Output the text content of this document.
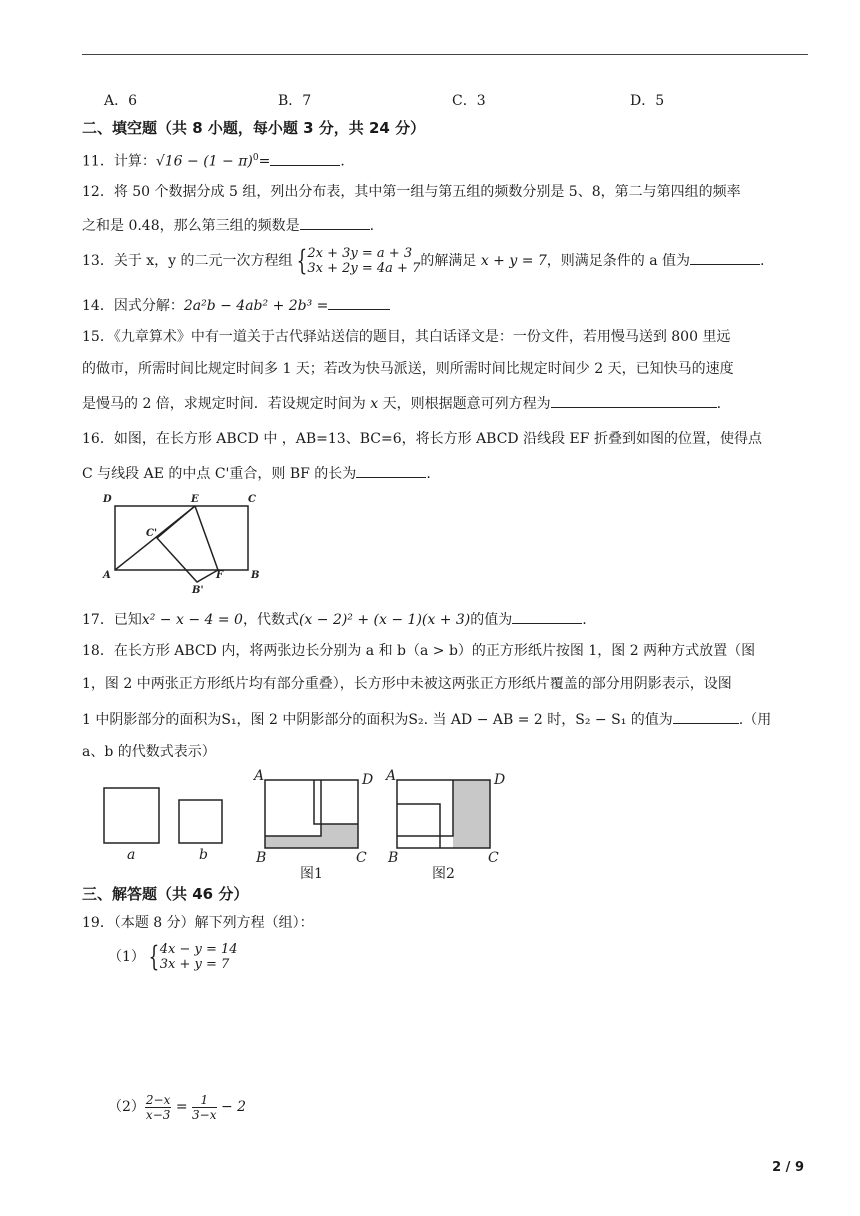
A．6	B．7	C．3	D．5
二、填空题（共 8 小题，每小题 3 分，共 24 分）
11．计算：$√16 - (1 - \pi)^0=$	.
12．将 50 个数据分成 5 组，列出分布表，其中第一组与第五组的频数分别是 5、8，第二与第四组的频率
之和是 0.48，那么第三组的频数是	.
13．关于 x，y 的二元一次方程组 { 2x + 3y = a + 3
3x + 2y = 4a + 7 的解满足 x + y = 7，则满足条件的 a 值为	.
14．因式分解：2a²b − 4ab² + 2b³ =
15．《九章算术》中有一道关于古代驿站送信的题目，其白话译文是：一份文件，若用慢马送到 800 里远
的做市，所需时间比规定时间多 1 天；若改为快马派送，则所需时间比规定时间少 2 天，已知快马的速度
是慢马的 2 倍，求规定时间．若设规定时间为 x 天，则根据题意可列方程为	.
16．如图，在长方形 ABCD 中 ，AB=13、BC=6，将长方形 ABCD 沿线段 EF 折叠到如图的位置，使得点
C 与线段 AE 的中点 C'重合，则 BF 的长为	.
D	E	C
C'
A	F	B
B'
17．已知x² − x − 4 = 0，代数式(x − 2)² + (x − 1)(x + 3)的值为	.
18．在长方形 ABCD 内，将两张边长分别为 a 和 b（a > b）的正方形纸片按图 1，图 2 两种方式放置（图
1，图 2 中两张正方形纸片均有部分重叠），长方形中未被这两张正方形纸片覆盖的部分用阴影表示，设图
1 中阴影部分的面积为S₁，图 2 中阴影部分的面积为S₂. 当 AD − AB = 2 时，S₂ − S₁ 的值为	.（用
a、b 的代数式表示）
a	b
A	D
B	C
A	D
B	C
图1	图2
三、解答题（共 46 分）
19．（本题 8 分）解下列方程（组）：
（1） { 4x − y = 14
3x + y = 7
$(2) \frac{2-x}{x-3} = \frac{1}{3-x} - 2$
2 / 9
